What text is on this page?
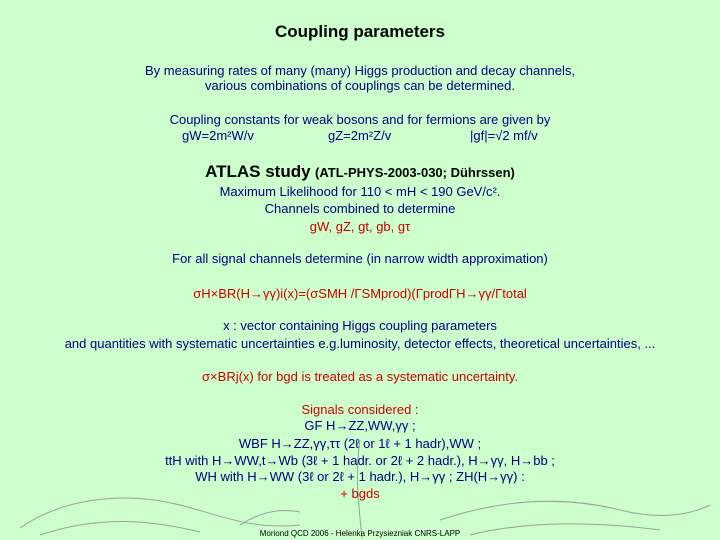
Coupling parameters
By measuring rates of many (many) Higgs production and decay channels,
various combinations of couplings can be determined.
Coupling constants for weak bosons and for fermions are given by
gW=2m²W/v	gZ=2m²Z/v	|gf|=√2 mf/v
ATLAS study (ATL-PHYS-2003-030; Dührssen)
Maximum Likelihood for 110 < mH < 190 GeV/c².
Channels combined to determine
gW, gZ, gt, gb, gτ
For all signal channels determine (in narrow width approximation)
σH×BR(H→γγ)i(x)=(σSMH /ΓSMprod)(ΓprodΓH→γγ/Γtotal
x : vector containing Higgs coupling parameters
and quantities with systematic uncertainties e.g.luminosity, detector effects, theoretical uncertainties, ...
σ×BRj(x) for bgd is treated as a systematic uncertainty.
Signals considered :
GF H→ZZ,WW,γγ ;
WBF H→ZZ,γγ,ττ (2ℓ or 1ℓ + 1 hadr),WW ;
ttH with H→WW,t→Wb (3ℓ + 1 hadr. or 2ℓ + 2 hadr.), H→γγ, H→bb ;
WH with H→WW (3ℓ or 2ℓ + 1 hadr.), H→γγ ; ZH(H→γγ) :
+ bgds
Moriond QCD 2006 - Helenka Przysiezniak CNRS-LAPP
